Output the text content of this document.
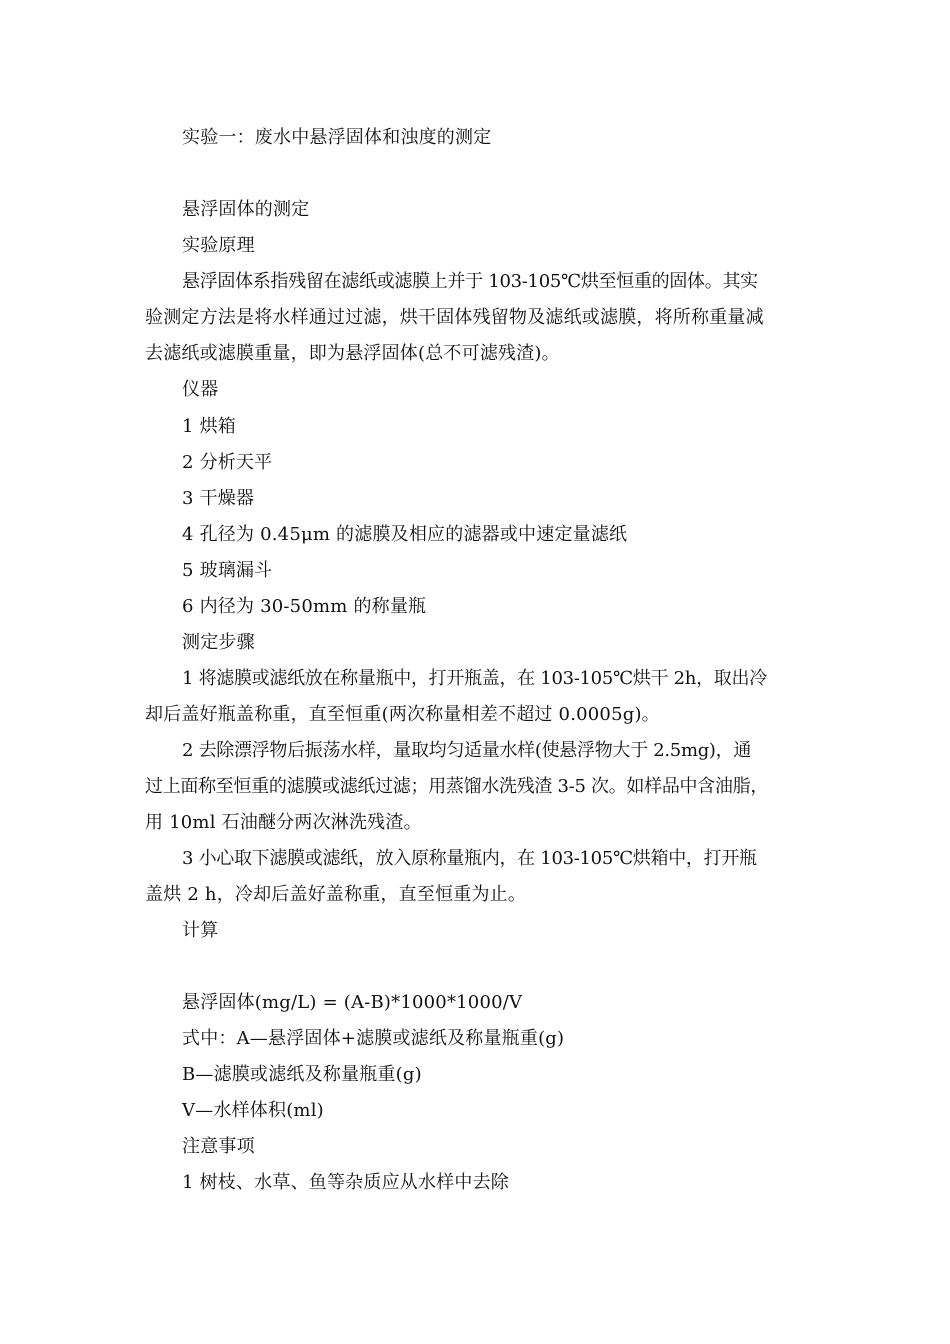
实验一：废水中悬浮固体和浊度的测定
悬浮固体的测定
实验原理
悬浮固体系指残留在滤纸或滤膜上并于 103-105℃烘至恒重的固体。其实
验测定方法是将水样通过过滤，烘干固体残留物及滤纸或滤膜，将所称重量减
去滤纸或滤膜重量，即为悬浮固体(总不可滤残渣)。
仪器
1 烘箱
2 分析天平
3 干燥器
4 孔径为 0.45μm 的滤膜及相应的滤器或中速定量滤纸
5 玻璃漏斗
6 内径为 30-50mm 的称量瓶
测定步骤
1 将滤膜或滤纸放在称量瓶中，打开瓶盖，在 103-105℃烘干 2h，取出冷
却后盖好瓶盖称重，直至恒重(两次称量相差不超过 0.0005g)。
2 去除漂浮物后振荡水样，量取均匀适量水样(使悬浮物大于 2.5mg)，通
过上面称至恒重的滤膜或滤纸过滤；用蒸馏水洗残渣 3-5 次。如样品中含油脂，
用 10ml 石油醚分两次淋洗残渣。
3 小心取下滤膜或滤纸，放入原称量瓶内，在 103-105℃烘箱中，打开瓶
盖烘 2 h，冷却后盖好盖称重，直至恒重为止。
计算
悬浮固体(mg/L) = (A-B)*1000*1000/V
式中：A—悬浮固体+滤膜或滤纸及称量瓶重(g)
B—滤膜或滤纸及称量瓶重(g)
V—水样体积(ml)
注意事项
1 树枝、水草、鱼等杂质应从水样中去除
